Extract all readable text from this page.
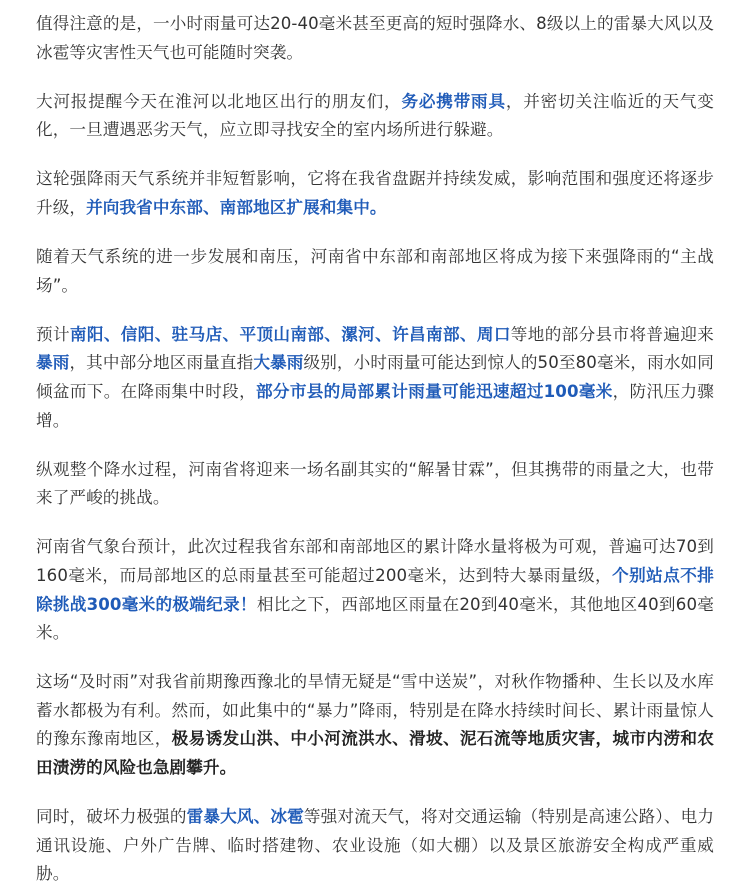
值得注意的是，一小时雨量可达20-40毫米甚至更高的短时强降水、8级以上的雷暴大风以及冰雹等灾害性天气也可能随时突袭。

大河报提醒今天在淮河以北地区出行的朋友们，务必携带雨具，并密切关注临近的天气变化，一旦遭遇恶劣天气，应立即寻找安全的室内场所进行躲避。

这轮强降雨天气系统并非短暂影响，它将在我省盘踞并持续发威，影响范围和强度还将逐步升级，并向我省中东部、南部地区扩展和集中。

随着天气系统的进一步发展和南压，河南省中东部和南部地区将成为接下来强降雨的“主战场”。

预计南阳、信阳、驻马店、平顶山南部、漯河、许昌南部、周口等地的部分县市将普遍迎来暴雨，其中部分地区雨量直指大暴雨级别，小时雨量可能达到惊人的50至80毫米，雨水如同倾盆而下。在降雨集中时段，部分市县的局部累计雨量可能迅速超过100毫米，防汛压力骤增。

纵观整个降水过程，河南省将迎来一场名副其实的“解暑甘霖”，但其携带的雨量之大，也带来了严峻的挑战。

河南省气象台预计，此次过程我省东部和南部地区的累计降水量将极为可观，普遍可达70到160毫米，而局部地区的总雨量甚至可能超过200毫米，达到特大暴雨量级，个别站点不排除挑战300毫米的极端纪录！相比之下，西部地区雨量在20到40毫米，其他地区40到60毫米。

这场“及时雨”对我省前期豫西豫北的旱情无疑是“雪中送炭”，对秋作物播种、生长以及水库蓄水都极为有利。然而，如此集中的“暴力”降雨，特别是在降水持续时间长、累计雨量惊人的豫东豫南地区，极易诱发山洪、中小河流洪水、滑坡、泥石流等地质灾害，城市内涝和农田渍涝的风险也急剧攀升。

同时，破坏力极强的雷暴大风、冰雹等强对流天气，将对交通运输（特别是高速公路）、电力通讯设施、户外广告牌、临时搭建物、农业设施（如大棚）以及景区旅游安全构成严重威胁。
